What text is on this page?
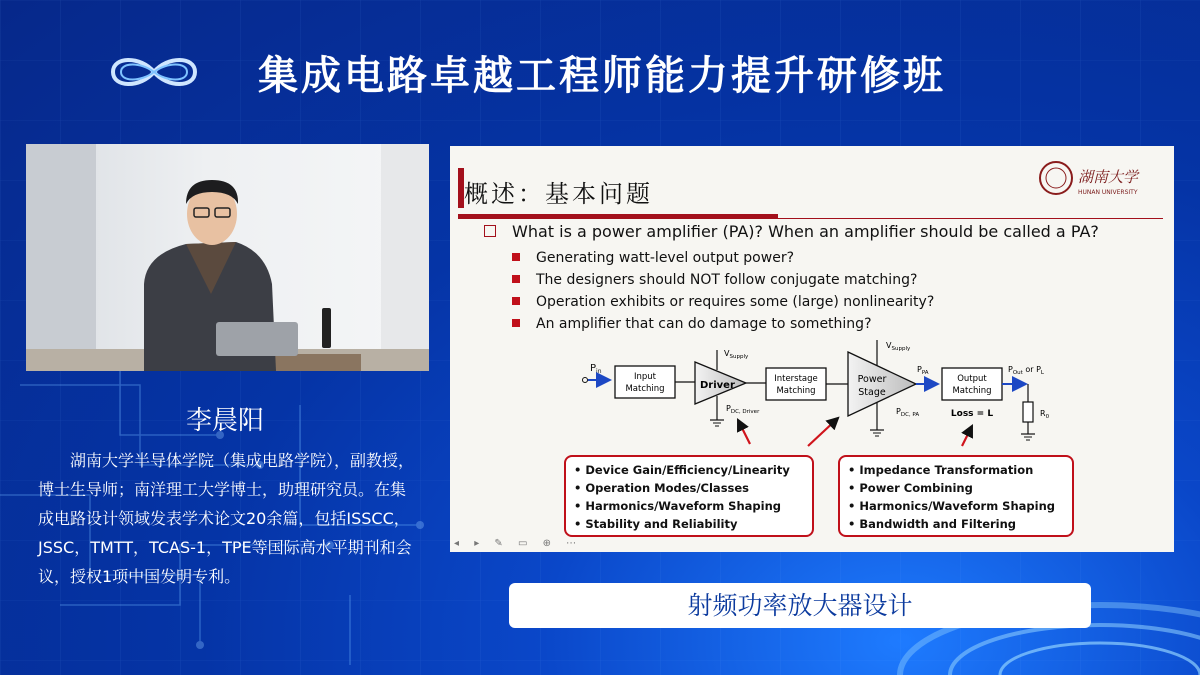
集成电路卓越工程师能力提升研修班
李晨阳
湖南大学半导体学院（集成电路学院），副教授，博士生导师；南洋理工大学博士，助理研究员。在集成电路设计领域发表学术论文20余篇，包括ISSCC，JSSC，TMTT，TCAS-1，TPE等国际高水平期刊和会议，授权1项中国发明专利。
概述：基本问题
湖南大学
HUNAN UNIVERSITY
What is a power amplifier (PA)? When an amplifier should be called a PA?
Generating watt-level output power?
The designers should NOT follow conjugate matching?
Operation exhibits or requires some (large) nonlinearity?
An amplifier that can do damage to something?
$P_{in}$
Input
Matching	Driver
$V_{Supply}$
$P_{DC, Driver}$
Interstage
Matching
Power
Stage
$V_{Supply}$
$P_{DC, PA}$
$P_{PA}$
Output
Matching
Loss = L
$P_{Out}$ or $P_L$
$R_0$
• Device Gain/Efficiency/Linearity
• Operation Modes/Classes
• Harmonics/Waveform Shaping
• Stability and Reliability
• Impedance Transformation
• Power Combining
• Harmonics/Waveform Shaping
• Bandwidth and Filtering
◂ ▸ ✎ ▭ ⊕ ⋯
射频功率放大器设计
